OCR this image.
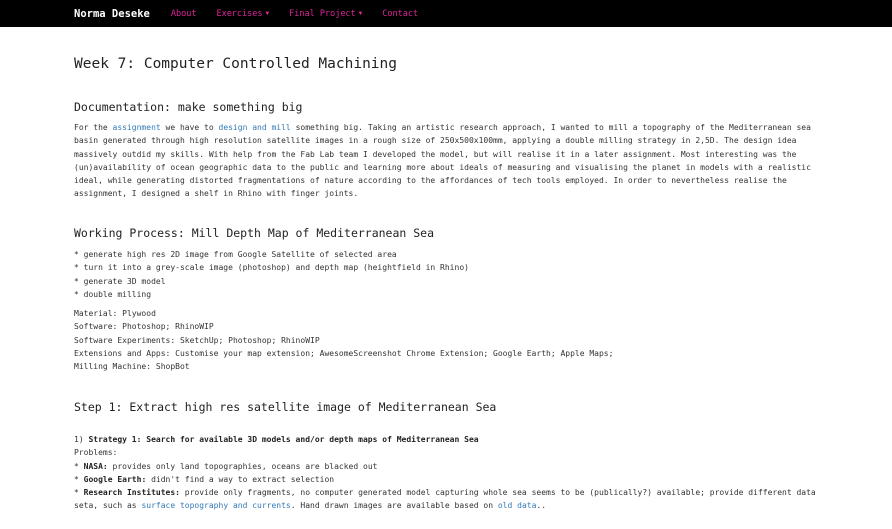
Norma Deseke About Exercises ▼ Final Project ▼ Contact
Week 7: Computer Controlled Machining
Documentation: make something big

For the assignment we have to design and mill something big. Taking an artistic research approach, I wanted to mill a topography of the Mediterranean sea basin generated through high resolution satellite images in a rough size of 250x500x100mm, applying a double milling strategy in 2,5D. The design idea massively outdid my skills. With help from the Fab Lab team I developed the model, but will realise it in a later assignment. Most interesting was the (un)availability of ocean geographic data to the public and learning more about ideals of measuring and visualising the planet in models with a realistic ideal, while generating distorted fragmentations of nature according to the affordances of tech tools employed. In order to nevertheless realise the assignment, I designed a shelf in Rhino with finger joints.

Working Process: Mill Depth Map of Mediterranean Sea
* generate high res 2D image from Google Satellite of selected area
* turn it into a grey-scale image (photoshop) and depth map (heightfield in Rhino)
* generate 3D model
* double milling
Material: Plywood
Software: Photoshop; RhinoWIP
Software Experiments: SketchUp; Photoshop; RhinoWIP
Extensions and Apps: Customise your map extension; AwesomeScreenshot Chrome Extension; Google Earth; Apple Maps;
Milling Machine: ShopBot
Step 1: Extract high res satellite image of Mediterranean Sea
1) Strategy 1: Search for available 3D models and/or depth maps of Mediterranean Sea
Problems:
* NASA: provides only land topographies, oceans are blacked out
* Google Earth: didn't find a way to extract selection
* Research Institutes: provide only fragments, no computer generated model capturing whole sea seems to be (publically?) available; provide different data seta, such as surface topography and currents. Hand drawn images are available based on old data..
